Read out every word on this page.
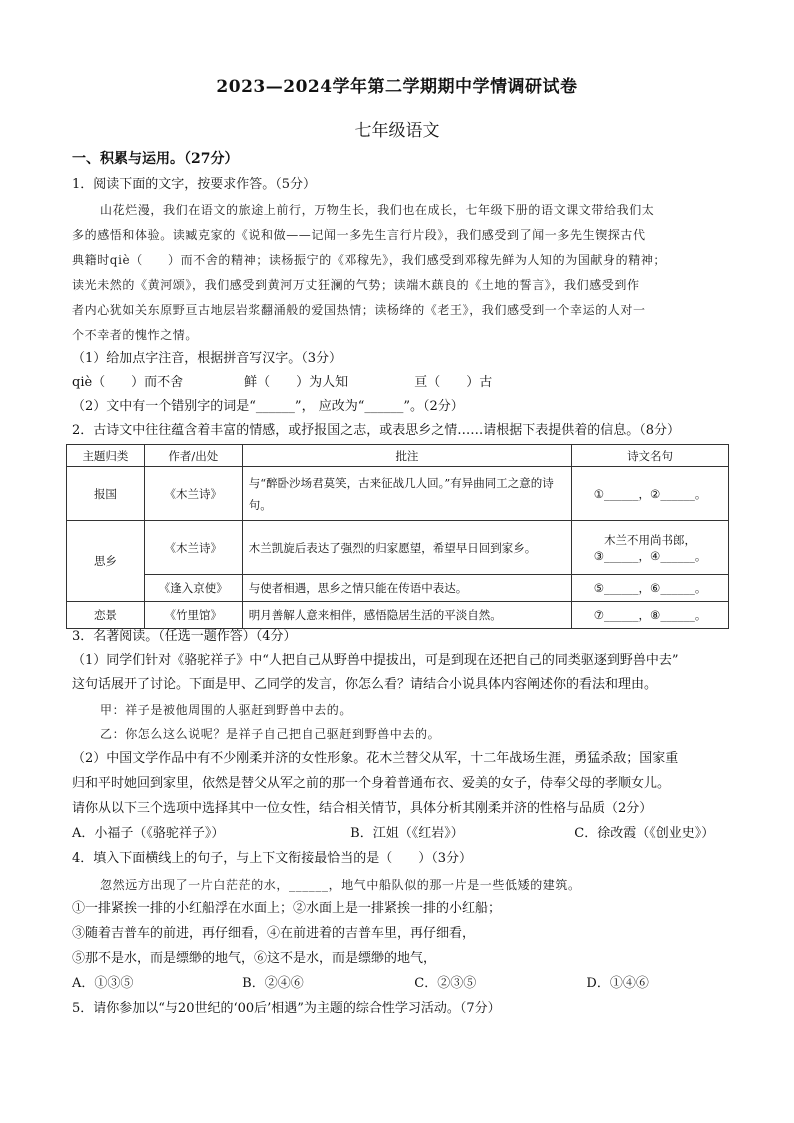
2023—2024学年第二学期期中学情调研试卷
七年级语文
一、积累与运用。（27分）
1．阅读下面的文字，按要求作答。（5分）
山花烂漫，我们在语文的旅途上前行，万物生长，我们也在成长，七年级下册的语文课文带给我们太
多的感悟和体验。读臧克家的《说和做——记闻一多先生言行片段》，我们感受到了闻一多先生锲探古代
典籍时qiè（　　）而不舍的精神；读杨振宁的《邓稼先》，我们感受到邓稼先鲜为人知的为国献身的精神；
读光未然的《黄河颂》，我们感受到黄河万丈狂澜的气势；读端木蕻良的《土地的誓言》，我们感受到作
者内心犹如关东原野亘古地层岩浆翻涌般的爱国热情；读杨绛的《老王》，我们感受到一个幸运的人对一
个不幸者的愧怍之情。
（1）给加点字注音，根据拼音写汉字。（3分）
qiè（　　）而不舍	鲜（　　）为人知	亘（　　）古
（2）文中有一个错别字的词是“______”， 应改为“______”。（2分）
2．古诗文中往往蕴含着丰富的情感，或抒报国之志，或表思乡之情……请根据下表提供着的信息。（8分）
主题归类	作者/出处	批注	诗文名句
报国	《木兰诗》	与“醉卧沙场君莫笑，古来征战几人回。”有异曲同工之意的诗句。	①______，②______。
思乡	《木兰诗》	木兰凯旋后表达了强烈的归家愿望，希望早日回到家乡。	木兰不用尚书郎，
③______，④______。

	《逢入京使》	与使者相遇，思乡之情只能在传语中表达。	⑤______，⑥______。
恋景	《竹里馆》	明月善解人意来相伴，感悟隐居生活的平淡自然。	⑦______，⑧______。
3．名著阅读。（任选一题作答）（4分）
（1）同学们针对《骆驼祥子》中“人把自己从野兽中提拔出，可是到现在还把自己的同类驱逐到野兽中去”
这句话展开了讨论。下面是甲、乙同学的发言，你怎么看？请结合小说具体内容阐述你的看法和理由。
甲：祥子是被他周围的人驱赶到野兽中去的。
乙：你怎么这么说呢？是祥子自己把自己驱赶到野兽中去的。
（2）中国文学作品中有不少刚柔并济的女性形象。花木兰替父从军，十二年战场生涯，勇猛杀敌；国家重
归和平时她回到家里，依然是替父从军之前的那一个身着普通布衣、爱美的女子，侍奉父母的孝顺女儿。
请你从以下三个选项中选择其中一位女性，结合相关情节，具体分析其刚柔并济的性格与品质（2分）
A．小福子（《骆驼祥子》）	B．江姐（《红岩》）	C．徐改霞（《创业史》）
4．填入下面横线上的句子，与上下文衔接最恰当的是（　　）（3分）
忽然远方出现了一片白茫茫的水，______，地气中船队似的那一片是一些低矮的建筑。
①一排紧挨一排的小红船浮在水面上；②水面上是一排紧挨一排的小红船；
③随着吉普车的前进，再仔细看，④在前进着的吉普车里，再仔细看，
⑤那不是水，而是缥缈的地气，⑥这不是水，而是缥缈的地气，
A．①③⑤	B．②④⑥	C．②③⑤	D．①④⑥
5．请你参加以“与20世纪的‘00后’相遇”为主题的综合性学习活动。（7分）
